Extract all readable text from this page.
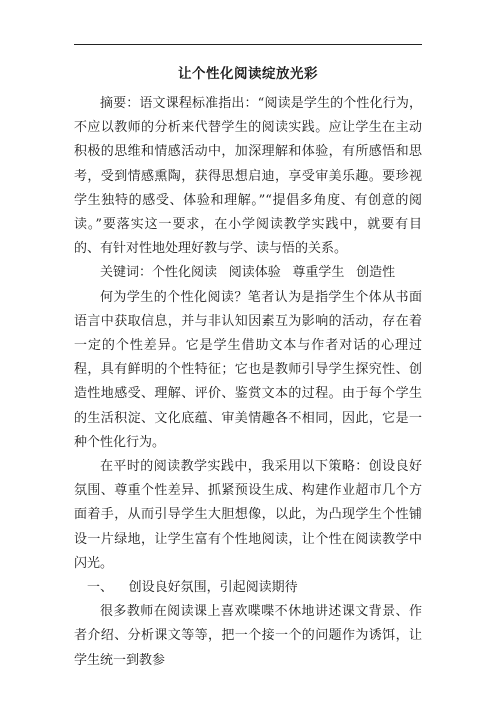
让个性化阅读绽放光彩

摘要：语文课程标准指出：“阅读是学生的个性化行为，不应以教师的分析来代替学生的阅读实践。应让学生在主动积极的思维和情感活动中，加深理解和体验，有所感悟和思考，受到情感熏陶，获得思想启迪，享受审美乐趣。要珍视学生独特的感受、体验和理解。”“提倡多角度、有创意的阅读。”要落实这一要求，在小学阅读教学实践中，就要有目的、有针对性地处理好教与学、读与悟的关系。

关键词：个性化阅读 阅读体验 尊重学生 创造性

何为学生的个性化阅读？笔者认为是指学生个体从书面语言中获取信息，并与非认知因素互为影响的活动，存在着一定的个性差异。它是学生借助文本与作者对话的心理过程，具有鲜明的个性特征；它也是教师引导学生探究性、创造性地感受、理解、评价、鉴赏文本的过程。由于每个学生的生活积淀、文化底蕴、审美情趣各不相同，因此，它是一种个性化行为。

在平时的阅读教学实践中，我采用以下策略：创设良好氛围、尊重个性差异、抓紧预设生成、构建作业超市几个方面着手，从而引导学生大胆想像，以此，为凸现学生个性铺设一片绿地，让学生富有个性地阅读，让个性在阅读教学中闪光。

一、 创设良好氛围，引起阅读期待

很多教师在阅读课上喜欢喋喋不休地讲述课文背景、作者介绍、分析课文等等，把一个接一个的问题作为诱饵，让学生统一到教参
